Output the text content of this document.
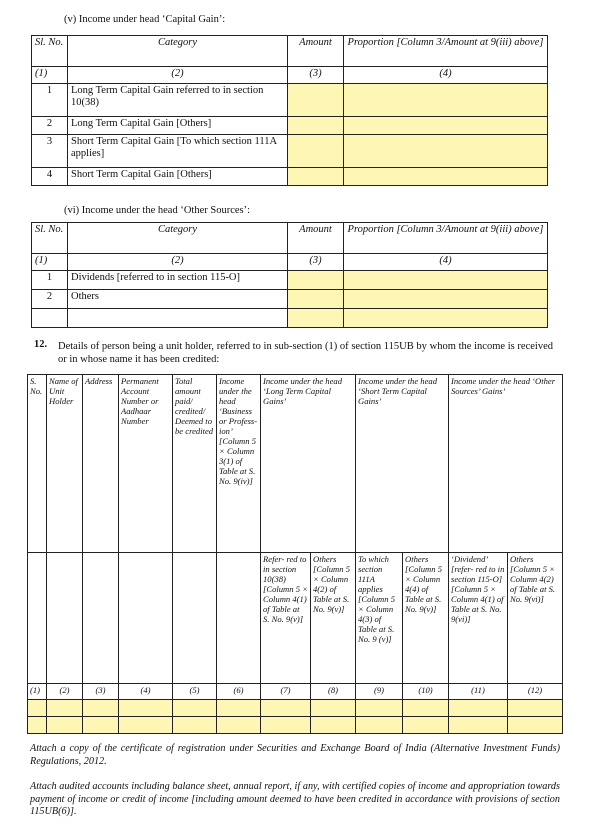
(v) Income under head ‘Capital Gain’:
Sl. No.	Category	Amount	Proportion [Column 3/Amount at 9(iii) above]
(1)	(2)	(3)	(4)
1	Long Term Capital Gain referred to in section 10(38)		
2	Long Term Capital Gain [Others]		
3	Short Term Capital Gain [To which section 111A applies]		
4	Short Term Capital Gain [Others]		
(vi) Income under the head ‘Other Sources’:
Sl. No.	Category	Amount	Proportion [Column 3/Amount at 9(iii) above]
(1)	(2)	(3)	(4)
1	Dividends [referred to in section 115-O]		
2	Others		

12. Details of person being a unit holder, referred to in sub-section (1) of section 115UB by whom the income is received or in whose name it has been credited:
S. No.	Name of Unit Holder	Address	Permanent Account Number or Aadhaar Number	Total amount paid/ credited/ Deemed to be credited	Income under the head ‘Business or Profess-ion’ [Column 5 × Column 3(1) of Table at S. No. 9(iv)]	Income under the head ‘Long Term Capital Gains’		Income under the head ‘Short Term Capital Gains’		Income under the head ‘Other Sources’ Gains’	
						Refer- red to in section 10(38) [Column 5 × Column 4(1) of Table at S. No. 9(v)]	Others [Column 5 × Column 4(2) of Table at S. No. 9(v)]	To which section 111A applies [Column 5 × Column 4(3) of Table at S. No. 9 (v)]	Others [Column 5 × Column 4(4) of Table at S. No. 9(v)]	‘Dividend’ [refer- red to in section 115-O] [Column 5 × Column 4(1) of Table at S. No. 9(vi)]	Others [Column 5 × Column 4(2) of Table at S. No. 9(vi)]
(1)	(2)	(3)	(4)	(5)	(6)	(7)	(8)	(9)	(10)	(11)	(12)

Attach a copy of the certificate of registration under Securities and Exchange Board of India (Alternative Investment Funds) Regulations, 2012.
Attach audited accounts including balance sheet, annual report, if any, with certified copies of income and appropriation towards payment of income or credit of income [including amount deemed to have been credited in accordance with provisions of section 115UB(6)].
